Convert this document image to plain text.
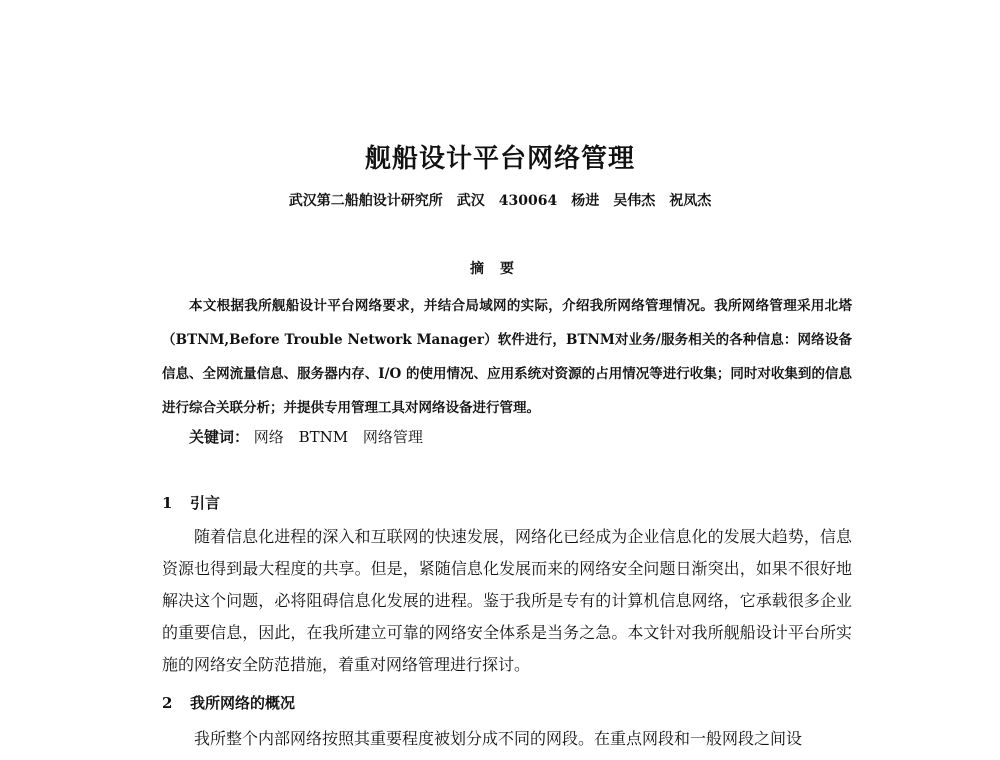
舰船设计平台网络管理
武汉第二船舶设计研究所　武汉　430064　杨进　吴伟杰　祝凤杰
摘要

本文根据我所舰船设计平台网络要求，并结合局域网的实际，介绍我所网络管理情况。我所网络管理采用北塔（BTNM,Before Trouble Network Manager）软件进行，BTNM对业务/服务相关的各种信息：网络设备信息、全网流量信息、服务器内存、I/O 的使用情况、应用系统对资源的占用情况等进行收集；同时对收集到的信息进行综合关联分析；并提供专用管理工具对网络设备进行管理。

关键词： 网络 BTNM 网络管理
1 引言

随着信息化进程的深入和互联网的快速发展，网络化已经成为企业信息化的发展大趋势，信息资源也得到最大程度的共享。但是，紧随信息化发展而来的网络安全问题日渐突出，如果不很好地解决这个问题，必将阻碍信息化发展的进程。鉴于我所是专有的计算机信息网络，它承载很多企业的重要信息，因此，在我所建立可靠的网络安全体系是当务之急。本文针对我所舰船设计平台所实施的网络安全防范措施，着重对网络管理进行探讨。

2 我所网络的概况

我所整个内部网络按照其重要程度被划分成不同的网段。在重点网段和一般网段之间设
